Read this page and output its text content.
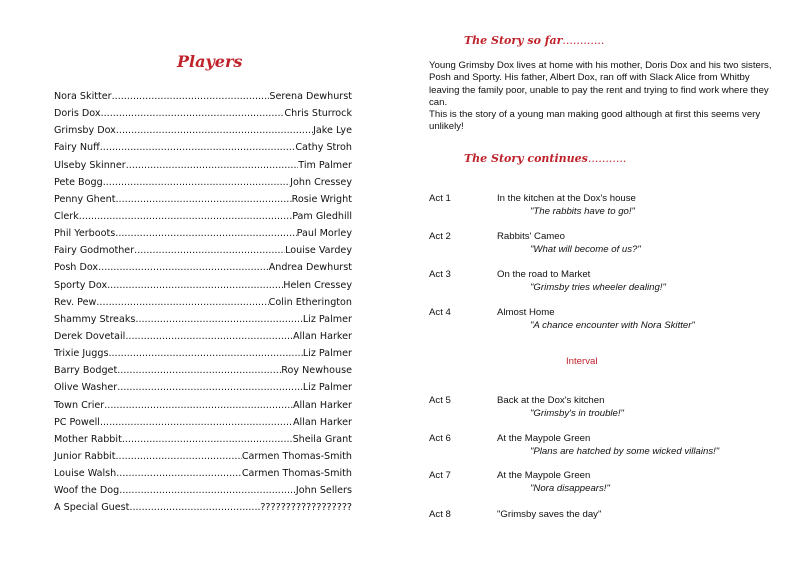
Players
Nora Skitter .....	Serena Dewhurst
Doris Dox .....	Chris Sturrock
Grimsby Dox .....	Jake Lye
Fairy Nuff .....	Cathy Stroh
Ulseby Skinner .....	Tim Palmer
Pete Bogg .....	John Cressey
Penny Ghent .....	Rosie Wright
Clerk .....	Pam Gledhill
Phil Yerboots .....	Paul Morley
Fairy Godmother .....	Louise Vardey
Posh Dox .....	Andrea Dewhurst
Sporty Dox .....	Helen Cressey
Rev. Pew .....	Colin Etherington
Shammy Streaks .....	Liz Palmer
Derek Dovetail .....	Allan Harker
Trixie Juggs .....	Liz Palmer
Barry Bodget .....	Roy Newhouse
Olive Washer .....	Liz Palmer
Town Crier .....	Allan Harker
PC Powell .....	Allan Harker
Mother Rabbit .....	Sheila Grant
Junior Rabbit .....	Carmen Thomas-Smith
Louise Walsh .....	Carmen Thomas-Smith
Woof the Dog .....	John Sellers
A Special Guest .....	??????????????????
The Story so far............

Young Grimsby Dox lives at home with his mother, Doris Dox and his two sisters, Posh and Sporty. His father, Albert Dox, ran off with Slack Alice from Whitby leaving the family poor, unable to pay the rent and trying to find work where they can.

This is the story of a young man making good although at first this seems very unlikely!

The Story continues...........
Act 1	In the kitchen at the Dox's house
"The rabbits have to go!"
Act 2	Rabbits' Cameo
"What will become of us?"
Act 3	On the road to Market
"Grimsby tries wheeler dealing!"
Act 4	Almost Home
"A chance encounter with Nora Skitter"
Interval
Act 5	Back at the Dox's kitchen
"Grimsby's in trouble!"
Act 6	At the Maypole Green
"Plans are hatched by some wicked villains!"
Act 7	At the Maypole Green
"Nora disappears!"
Act 8	"Grimsby saves the day"
